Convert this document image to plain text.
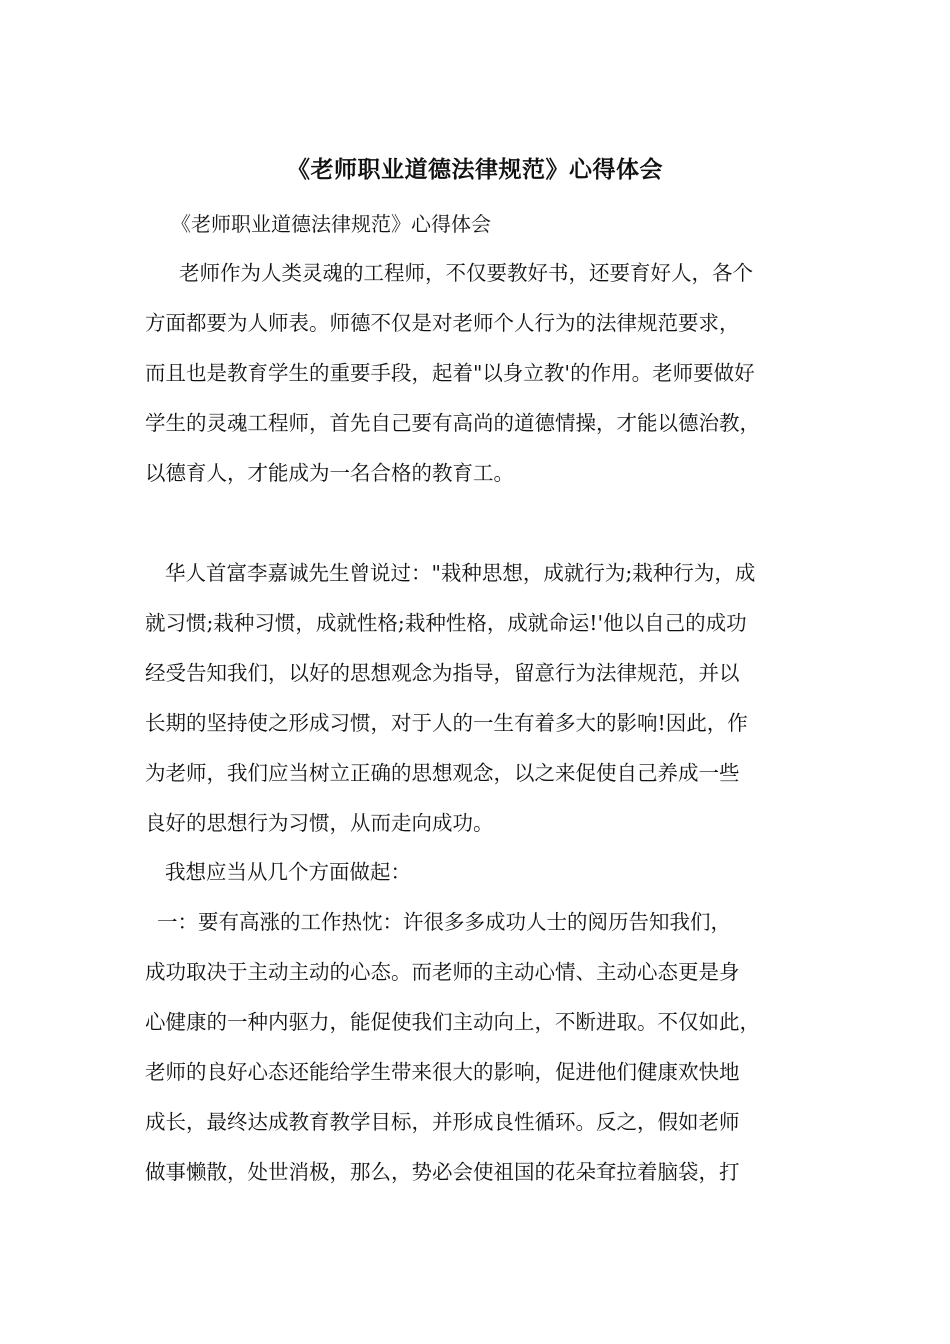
《老师职业道德法律规范》心得体会
《老师职业道德法律规范》心得体会
老师作为人类灵魂的工程师，不仅要教好书，还要育好人，各个
方面都要为人师表。师德不仅是对老师个人行为的法律规范要求，
而且也是教育学生的重要手段，起着"以身立教'的作用。老师要做好
学生的灵魂工程师，首先自己要有高尚的道德情操，才能以德治教，
以德育人，才能成为一名合格的教育工。
华人首富李嘉诚先生曾说过："栽种思想，成就行为;栽种行为，成
就习惯;栽种习惯，成就性格;栽种性格，成就命运!'他以自己的成功
经受告知我们，以好的思想观念为指导，留意行为法律规范，并以
长期的坚持使之形成习惯，对于人的一生有着多大的影响!因此，作
为老师，我们应当树立正确的思想观念，以之来促使自己养成一些
良好的思想行为习惯，从而走向成功。
我想应当从几个方面做起：
一：要有高涨的工作热忱：许很多多成功人士的阅历告知我们，
成功取决于主动主动的心态。而老师的主动心情、主动心态更是身
心健康的一种内驱力，能促使我们主动向上，不断进取。不仅如此，
老师的良好心态还能给学生带来很大的影响，促进他们健康欢快地
成长，最终达成教育教学目标，并形成良性循环。反之，假如老师
做事懒散，处世消极，那么，势必会使祖国的花朵耷拉着脑袋，打
